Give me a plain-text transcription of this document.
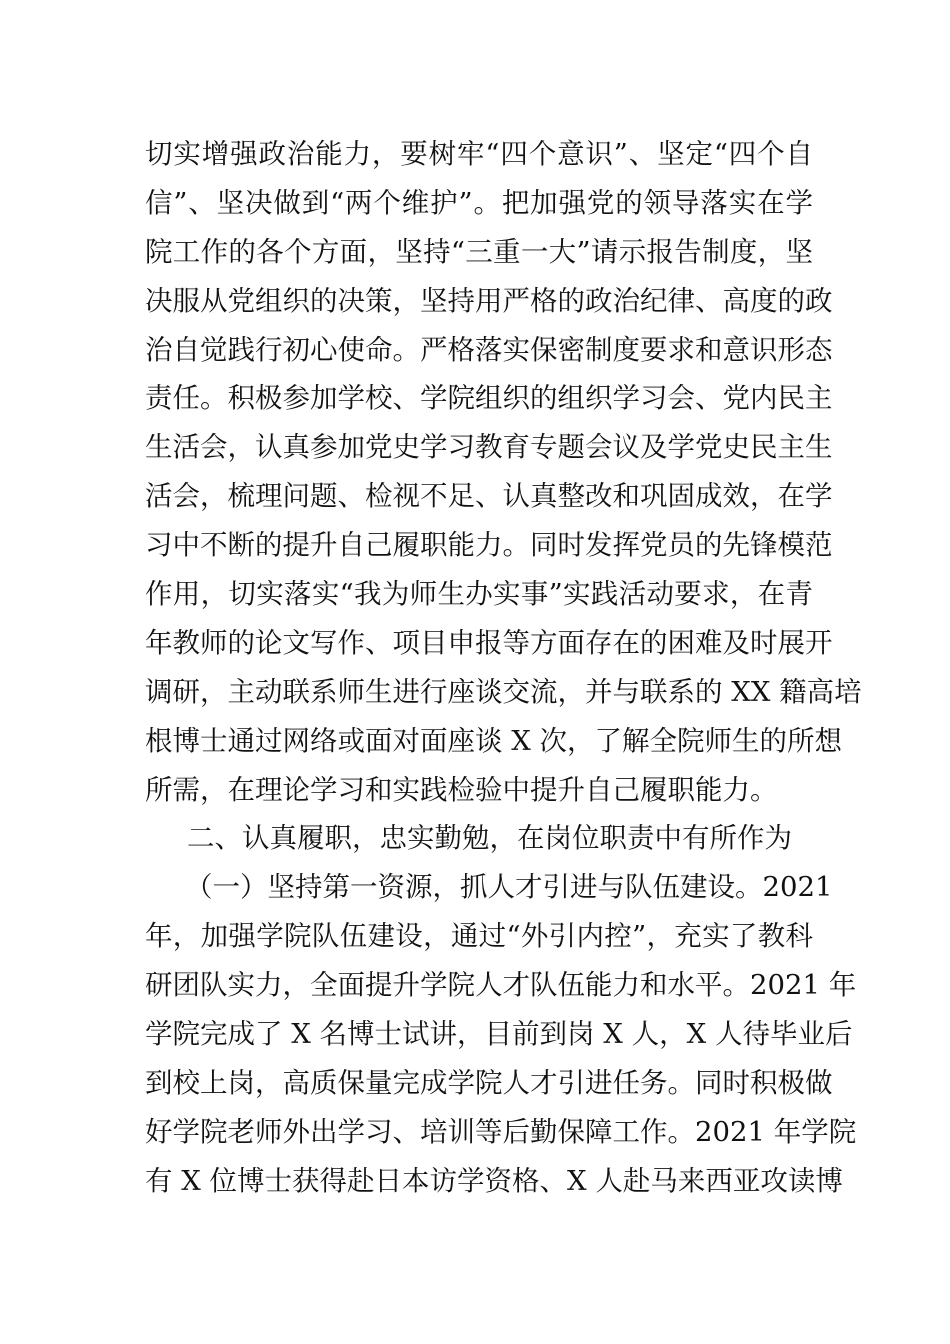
切实增强政治能力，要树牢“四个意识”、坚定“四个自
信”、坚决做到“两个维护”。把加强党的领导落实在学
院工作的各个方面，坚持“三重一大”请示报告制度，坚
决服从党组织的决策，坚持用严格的政治纪律、高度的政
治自觉践行初心使命。严格落实保密制度要求和意识形态
责任。积极参加学校、学院组织的组织学习会、党内民主
生活会，认真参加党史学习教育专题会议及学党史民主生
活会，梳理问题、检视不足、认真整改和巩固成效，在学
习中不断的提升自己履职能力。同时发挥党员的先锋模范
作用，切实落实“我为师生办实事”实践活动要求，在青
年教师的论文写作、项目申报等方面存在的困难及时展开
调研，主动联系师生进行座谈交流，并与联系的 XX 籍高培
根博士通过网络或面对面座谈 X 次，了解全院师生的所想
所需，在理论学习和实践检验中提升自己履职能力。
二、认真履职，忠实勤勉，在岗位职责中有所作为
（一）坚持第一资源，抓人才引进与队伍建设。2021
年，加强学院队伍建设，通过“外引内控”，充实了教科
研团队实力，全面提升学院人才队伍能力和水平。2021 年
学院完成了 X 名博士试讲，目前到岗 X 人，X 人待毕业后
到校上岗，高质保量完成学院人才引进任务。同时积极做
好学院老师外出学习、培训等后勤保障工作。2021 年学院
有 X 位博士获得赴日本访学资格、X 人赴马来西亚攻读博
